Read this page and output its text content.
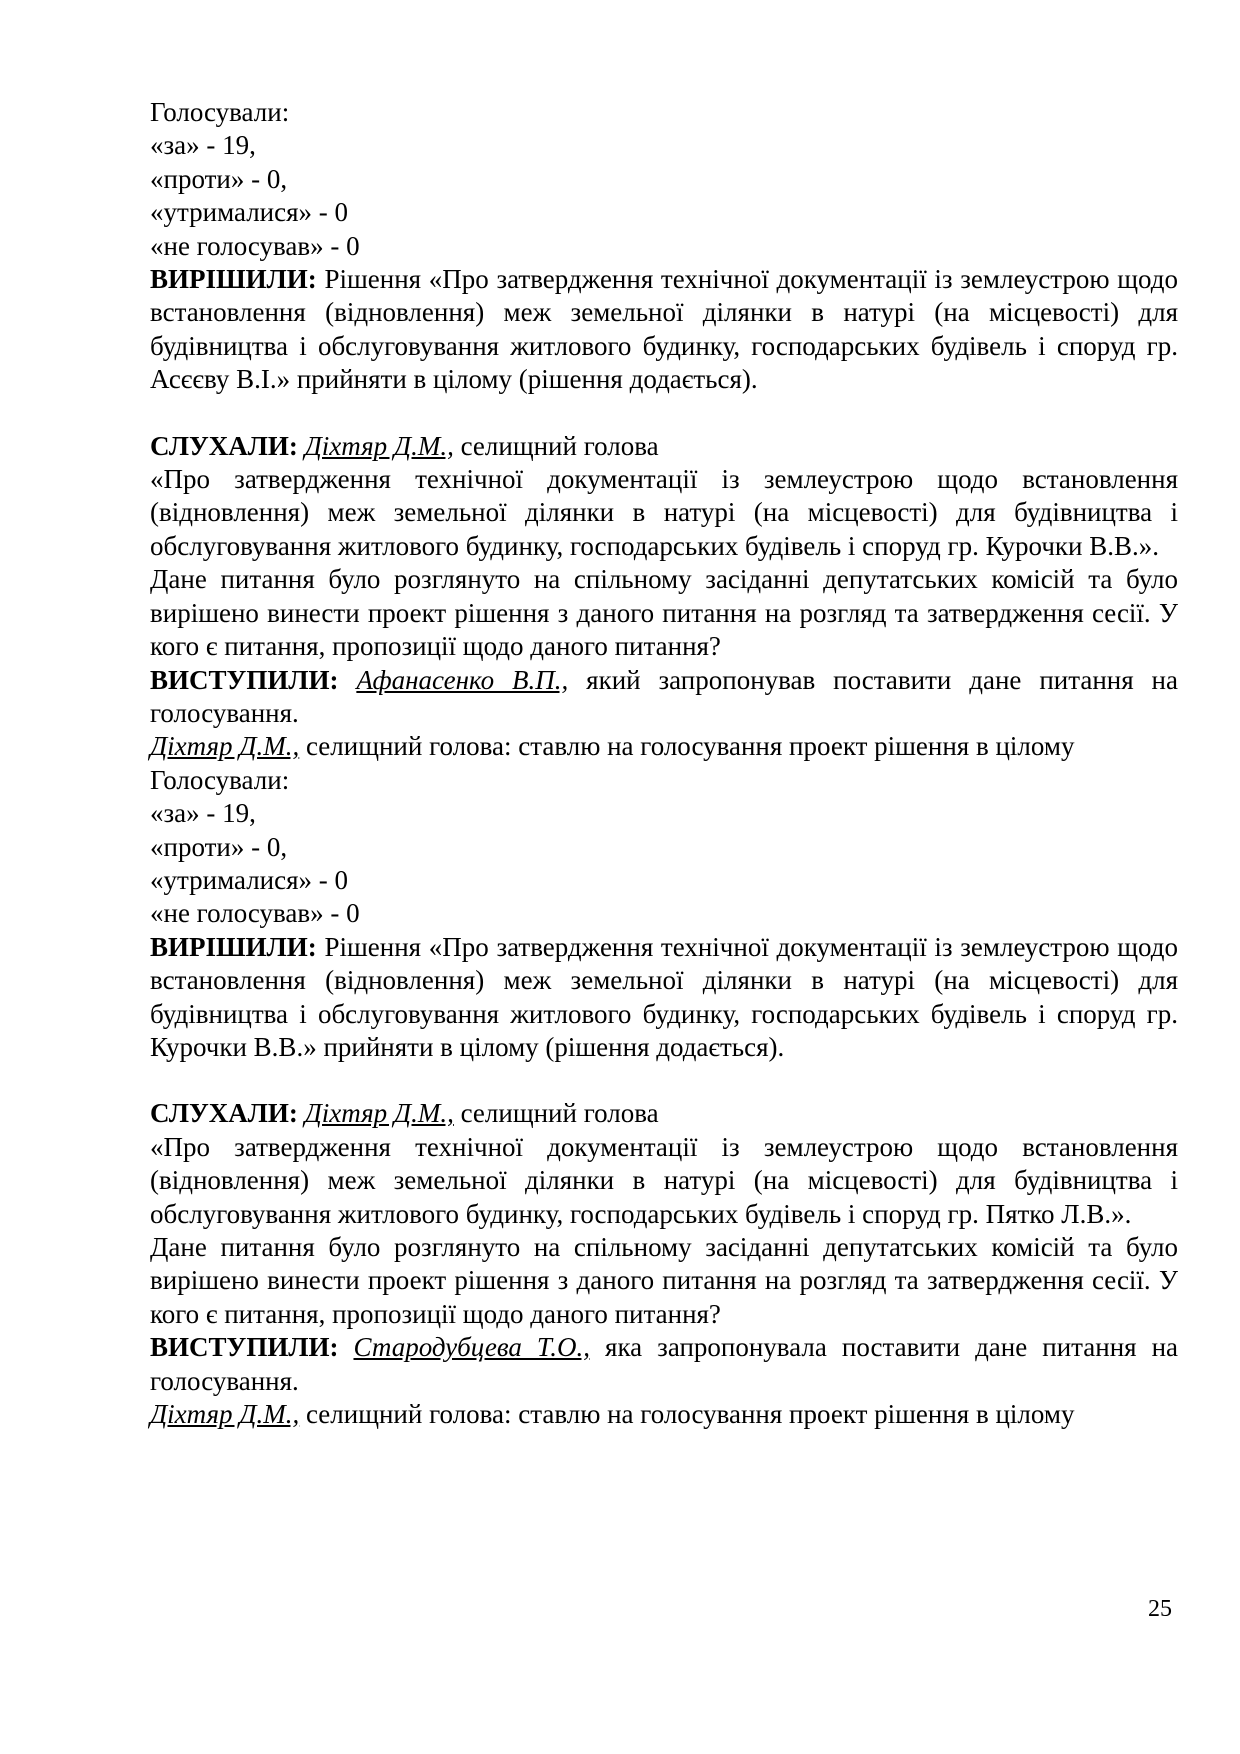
Голосували:
«за» - 19,
«проти» - 0,
«утрималися» - 0
«не голосував» - 0

ВИРІШИЛИ: Рішення «Про затвердження технічної документації із землеустрою щодо встановлення (відновлення) меж земельної ділянки в натурі (на місцевості) для будівництва і обслуговування житлового будинку, господарських будівель і споруд гр. Асєєву В.І.» прийняти в цілому (рішення додається).

СЛУХАЛИ: Діхтяр Д.М., селищний голова

«Про затвердження технічної документації із землеустрою щодо встановлення (відновлення) меж земельної ділянки в натурі (на місцевості) для будівництва і обслуговування житлового будинку, господарських будівель і споруд гр. Курочки В.В.».

Дане питання було розглянуто на спільному засіданні депутатських комісій та було вирішено винести проект рішення з даного питання на розгляд та затвердження сесії. У кого є питання, пропозиції щодо даного питання?

ВИСТУПИЛИ: Афанасенко В.П., який запропонував поставити дане питання на голосування.

Діхтяр Д.М., селищний голова: ставлю на голосування проект рішення в цілому

Голосували:
«за» - 19,
«проти» - 0,
«утрималися» - 0
«не голосував» - 0

ВИРІШИЛИ: Рішення «Про затвердження технічної документації із землеустрою щодо встановлення (відновлення) меж земельної ділянки в натурі (на місцевості) для будівництва і обслуговування житлового будинку, господарських будівель і споруд гр. Курочки В.В.» прийняти в цілому (рішення додається).

СЛУХАЛИ: Діхтяр Д.М., селищний голова

«Про затвердження технічної документації із землеустрою щодо встановлення (відновлення) меж земельної ділянки в натурі (на місцевості) для будівництва і обслуговування житлового будинку, господарських будівель і споруд гр. Пятко Л.В.».

Дане питання було розглянуто на спільному засіданні депутатських комісій та було вирішено винести проект рішення з даного питання на розгляд та затвердження сесії. У кого є питання, пропозиції щодо даного питання?

ВИСТУПИЛИ: Стародубцева Т.О., яка запропонувала поставити дане питання на голосування.

Діхтяр Д.М., селищний голова: ставлю на голосування проект рішення в цілому

25
